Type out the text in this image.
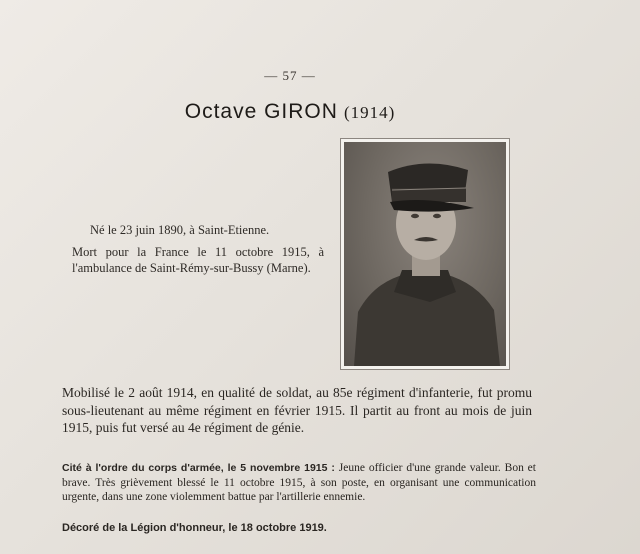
— 57 —
Octave GIRON (1914)
Né le 23 juin 1890, à Saint-Etienne.
Mort pour la France le 11 octobre 1915, à l'ambulance de Saint-Rémy-sur-Bussy (Marne).
Mobilisé le 2 août 1914, en qualité de soldat, au 85e régiment d'infanterie, fut promu sous-lieutenant au même régiment en février 1915. Il partit au front au mois de juin 1915, puis fut versé au 4e régiment de génie.
Cité à l'ordre du corps d'armée, le 5 novembre 1915 : Jeune officier d'une grande valeur. Bon et brave. Très grièvement blessé le 11 octobre 1915, à son poste, en organisant une communication urgente, dans une zone violemment battue par l'artillerie ennemie.
Décoré de la Légion d'honneur, le 18 octobre 1919.
